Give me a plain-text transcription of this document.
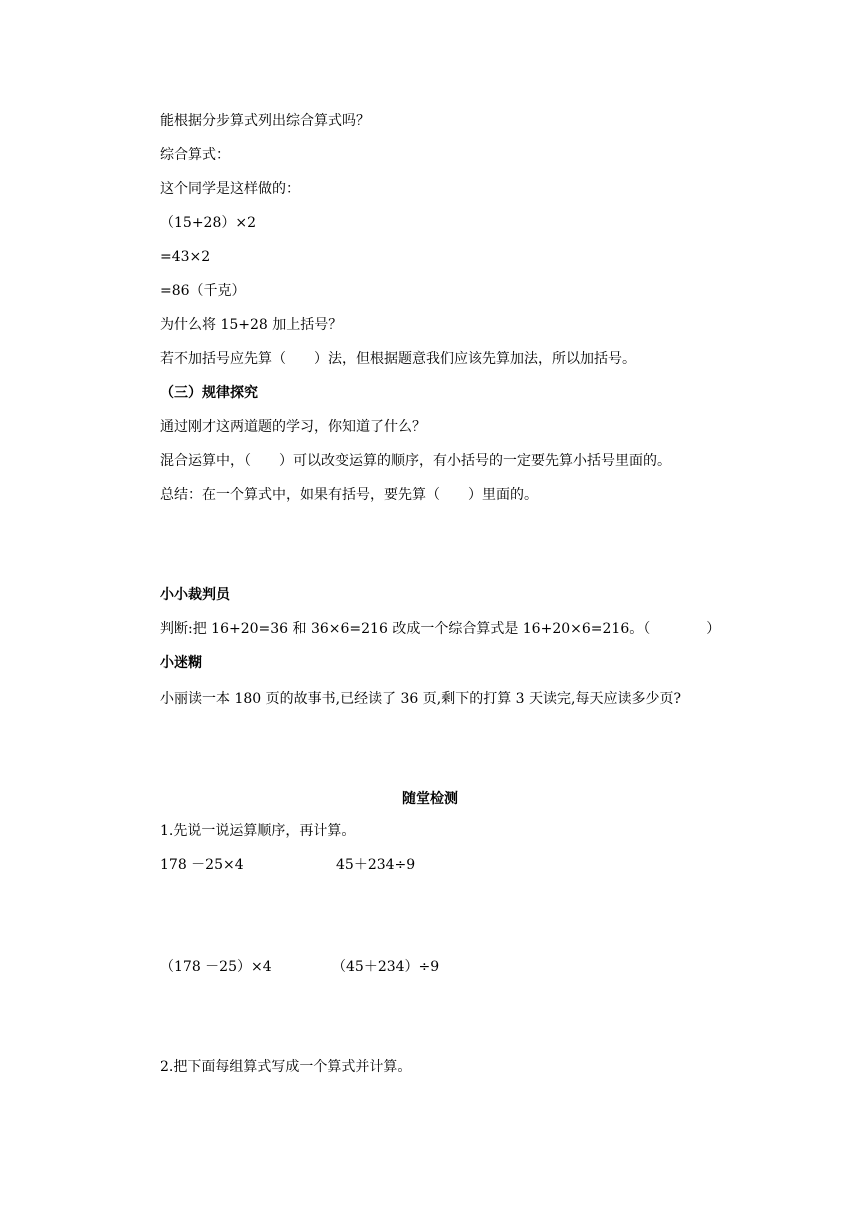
能根据分步算式列出综合算式吗？
综合算式：
这个同学是这样做的：
（15+28）×2
=43×2
=86（千克）
为什么将 15+28 加上括号？
若不加括号应先算（　　）法，但根据题意我们应该先算加法，所以加括号。
（三）规律探究
通过刚才这两道题的学习，你知道了什么？
混合运算中，（　　）可以改变运算的顺序，有小括号的一定要先算小括号里面的。
总结：在一个算式中，如果有括号，要先算（　　）里面的。
小小裁判员
判断:把 16+20=36 和 36×6=216 改成一个综合算式是 16+20×6=216。（　　　　）
小迷糊
小丽读一本 180 页的故事书,已经读了 36 页,剩下的打算 3 天读完,每天应读多少页?
随堂检测
1.先说一说运算顺序，再计算。
178 －25×4	45＋234÷9
（178 －25）×4	（45＋234）÷9
2.把下面每组算式写成一个算式并计算。
